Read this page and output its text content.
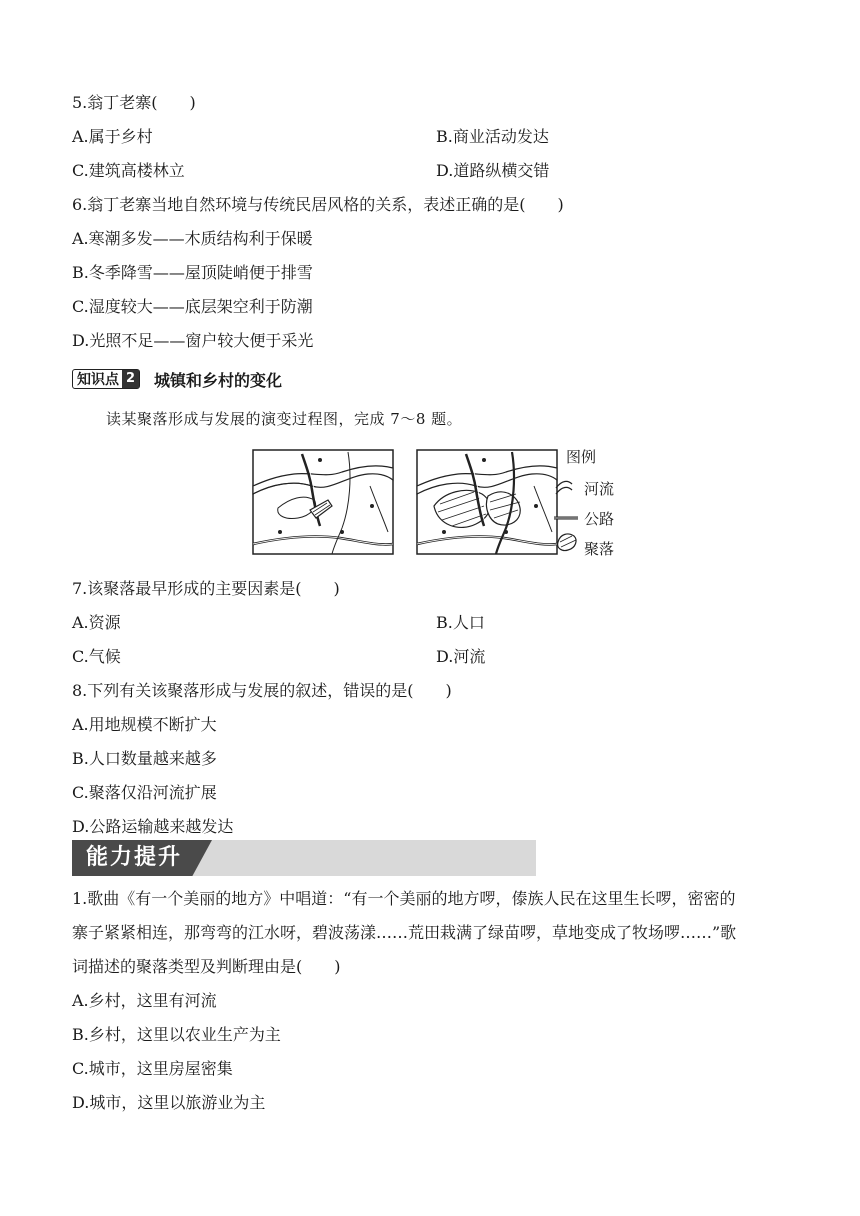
5.翁丁老寨(　　)
A.属于乡村	B.商业活动发达
C.建筑高楼林立	D.道路纵横交错
6.翁丁老寨当地自然环境与传统民居风格的关系，表述正确的是(　　)
A.寒潮多发——木质结构利于保暖
B.冬季降雪——屋顶陡峭便于排雪
C.湿度较大——底层架空利于防潮
D.光照不足——窗户较大便于采光
知识点 2 城镇和乡村的变化
读某聚落形成与发展的演变过程图，完成 7～8 题。
图例
河流
公路
聚落
7.该聚落最早形成的主要因素是(　　)
A.资源	B.人口
C.气候	D.河流
8.下列有关该聚落形成与发展的叙述，错误的是(　　)
A.用地规模不断扩大
B.人口数量越来越多
C.聚落仅沿河流扩展
D.公路运输越来越发达
能力提升
1.歌曲《有一个美丽的地方》中唱道：“有一个美丽的地方啰，傣族人民在这里生长啰，密密的
寨子紧紧相连，那弯弯的江水呀，碧波荡漾……荒田栽满了绿苗啰，草地变成了牧场啰……”歌
词描述的聚落类型及判断理由是(　　)
A.乡村，这里有河流
B.乡村，这里以农业生产为主
C.城市，这里房屋密集
D.城市，这里以旅游业为主
